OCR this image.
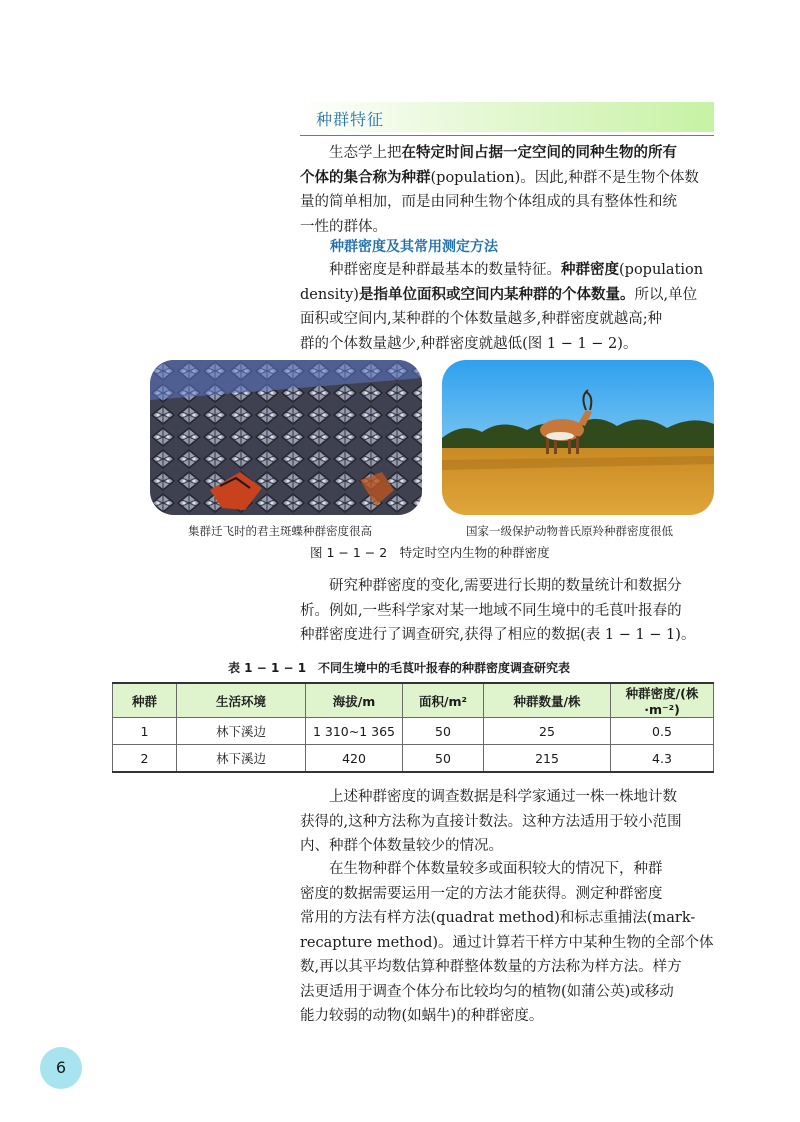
种群特征

生态学上把在特定时间占据一定空间的同种生物的所有
个体的集合称为种群(population)。因此,种群不是生物个体数
量的简单相加，而是由同种生物个体组成的具有整体性和统
一性的群体。

种群密度及其常用测定方法

种群密度是种群最基本的数量特征。种群密度(population
density)是指单位面积或空间内某种群的个体数量。所以,单位
面积或空间内,某种群的个体数量越多,种群密度就越高;种
群的个体数量越少,种群密度就越低(图 1 − 1 − 2)。

集群迁飞时的君主斑蝶种群密度很高	国家一级保护动物普氏原羚种群密度很低
图 1 − 1 − 2　特定时空内生物的种群密度

研究种群密度的变化,需要进行长期的数量统计和数据分
析。例如,一些科学家对某一地域不同生境中的毛茛叶报春的
种群密度进行了调查研究,获得了相应的数据(表 1 − 1 − 1)。

表 1 − 1 − 1　不同生境中的毛茛叶报春的种群密度调查研究表
种群	生活环境	海拔/m	面积/m²	种群数量/株	种群密度/(株·m⁻²)
1	林下溪边	1 310~1 365	50	25	0.5
2	林下溪边	420	50	215	4.3

上述种群密度的调查数据是科学家通过一株一株地计数
获得的,这种方法称为直接计数法。这种方法适用于较小范围
内、种群个体数量较少的情况。

在生物种群个体数量较多或面积较大的情况下，种群
密度的数据需要运用一定的方法才能获得。测定种群密度
常用的方法有样方法(quadrat method)和标志重捕法(mark-
recapture method)。通过计算若干样方中某种生物的全部个体
数,再以其平均数估算种群整体数量的方法称为样方法。样方
法更适用于调查个体分布比较均匀的植物(如蒲公英)或移动
能力较弱的动物(如蜗牛)的种群密度。

6
